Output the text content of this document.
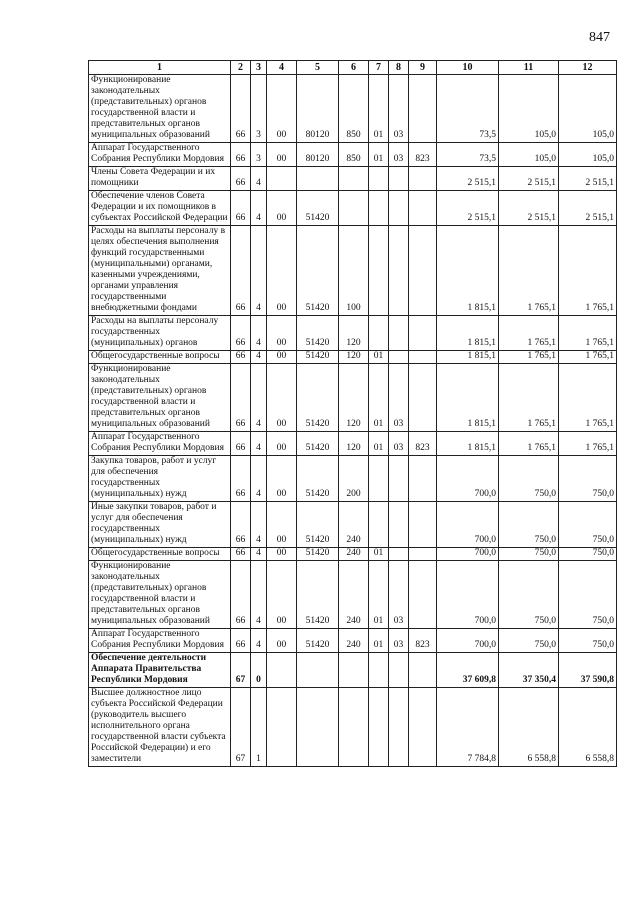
847
1	2	3	4	5	6	7	8	9	10	11	12
Функционирование законодательных (представительных) органов государственной власти и представительных органов муниципальных образований	66	3	00	80120	850	01	03		73,5	105,0	105,0
Аппарат Государственного Собрания Республики Мордовия	66	3	00	80120	850	01	03	823	73,5	105,0	105,0
Члены Совета Федерации и их помощники	66	4							2 515,1	2 515,1	2 515,1
Обеспечение членов Совета Федерации и их помощников в субъектах Российской Федерации	66	4	00	51420					2 515,1	2 515,1	2 515,1
Расходы на выплаты персоналу в целях обеспечения выполнения функций государственными (муниципальными) органами, казенными учреждениями, органами управления государственными внебюджетными фондами	66	4	00	51420	100				1 815,1	1 765,1	1 765,1
Расходы на выплаты персоналу государственных (муниципальных) органов	66	4	00	51420	120				1 815,1	1 765,1	1 765,1
Общегосударственные вопросы	66	4	00	51420	120	01			1 815,1	1 765,1	1 765,1
Функционирование законодательных (представительных) органов государственной власти и представительных органов муниципальных образований	66	4	00	51420	120	01	03		1 815,1	1 765,1	1 765,1
Аппарат Государственного Собрания Республики Мордовия	66	4	00	51420	120	01	03	823	1 815,1	1 765,1	1 765,1
Закупка товаров, работ и услуг для обеспечения государственных (муниципальных) нужд	66	4	00	51420	200				700,0	750,0	750,0
Иные закупки товаров, работ и услуг для обеспечения государственных (муниципальных) нужд	66	4	00	51420	240				700,0	750,0	750,0
Общегосударственные вопросы	66	4	00	51420	240	01			700,0	750,0	750,0
Функционирование законодательных (представительных) органов государственной власти и представительных органов муниципальных образований	66	4	00	51420	240	01	03		700,0	750,0	750,0
Аппарат Государственного Собрания Республики Мордовия	66	4	00	51420	240	01	03	823	700,0	750,0	750,0
Обеспечение деятельности Аппарата Правительства Республики Мордовия	67	0							37 609,8	37 350,4	37 590,8
Высшее должностное лицо субъекта Российской Федерации (руководитель высшего исполнительного органа государственной власти субъекта Российской Федерации) и его заместители	67	1							7 784,8	6 558,8	6 558,8
